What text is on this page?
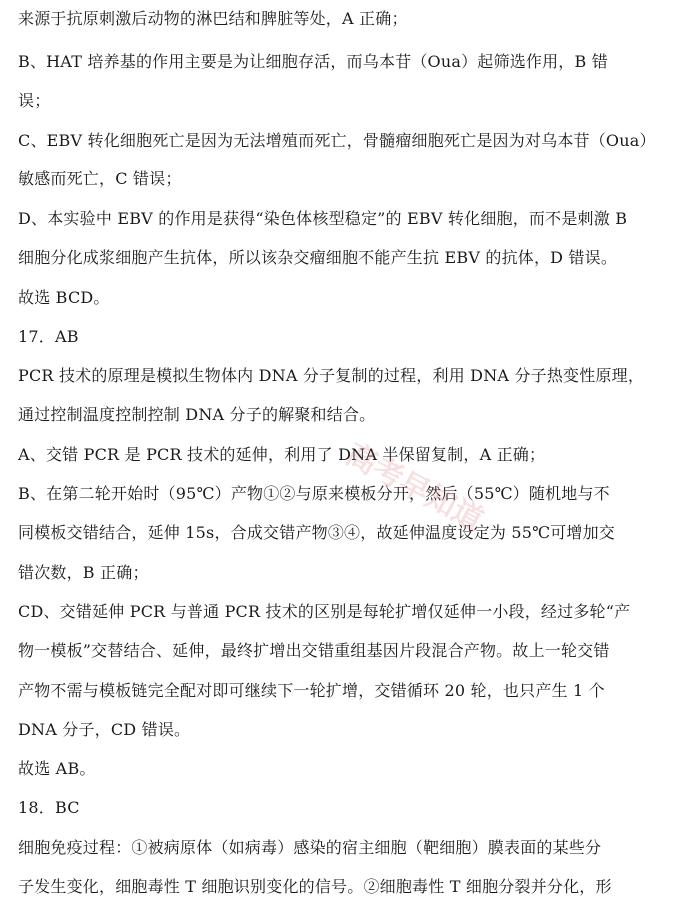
来源于抗原刺激后动物的淋巴结和脾脏等处，A 正确；
B、HAT 培养基的作用主要是为让细胞存活，而乌本苷（Oua）起筛选作用，B 错
误；
C、EBV 转化细胞死亡是因为无法增殖而死亡，骨髓瘤细胞死亡是因为对乌本苷（Oua）
敏感而死亡，C 错误；
D、本实验中 EBV 的作用是获得“染色体核型稳定”的 EBV 转化细胞，而不是刺激 B
细胞分化成浆细胞产生抗体，所以该杂交瘤细胞不能产生抗 EBV 的抗体，D 错误。
故选 BCD。
17．AB
PCR 技术的原理是模拟生物体内 DNA 分子复制的过程，利用 DNA 分子热变性原理，
通过控制温度控制控制 DNA 分子的解聚和结合。
A、交错 PCR 是 PCR 技术的延伸，利用了 DNA 半保留复制，A 正确；
B、在第二轮开始时（95℃）产物①②与原来模板分开，然后（55℃）随机地与不
同模板交错结合，延伸 15s，合成交错产物③④，故延伸温度设定为 55℃可增加交
错次数，B 正确；
CD、交错延伸 PCR 与普通 PCR 技术的区别是每轮扩增仅延伸一小段，经过多轮“产
物一模板”交替结合、延伸，最终扩增出交错重组基因片段混合产物。故上一轮交错
产物不需与模板链完全配对即可继续下一轮扩增，交错循环 20 轮，也只产生 1 个
DNA 分子，CD 错误。
故选 AB。
18．BC
细胞免疫过程：①被病原体（如病毒）感染的宿主细胞（靶细胞）膜表面的某些分
子发生变化，细胞毒性 T 细胞识别变化的信号。②细胞毒性 T 细胞分裂并分化，形
高考早知道
